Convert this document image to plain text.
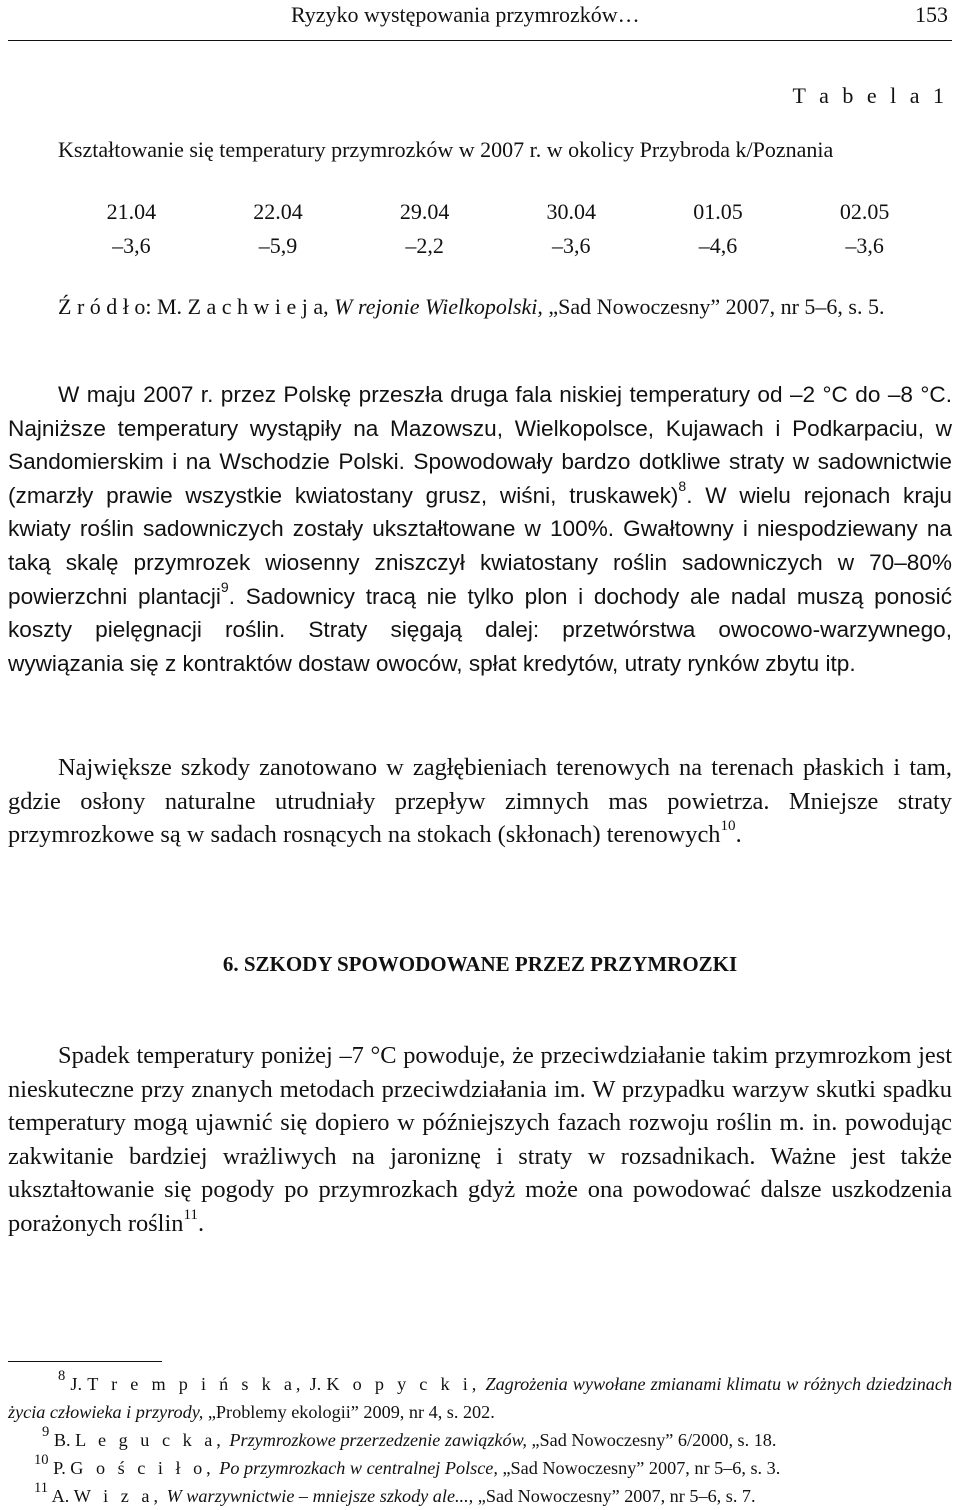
Ryzyko występowania przymrozków…	153
T a b e l a 1
Kształtowanie się temperatury przymrozków w 2007 r. w okolicy Przybroda k/Poznania
21.04	22.04	29.04	30.04	01.05	02.05
–3,6	–5,9	–2,2	–3,6	–4,6	–3,6
Ź r ó d ł o: M. Z a c h w i e j a, W rejonie Wielkopolski, „Sad Nowoczesny” 2007, nr 5–6, s. 5.

W maju 2007 r. przez Polskę przeszła druga fala niskiej temperatury od –2 °C do –8 °C. Najniższe temperatury wystąpiły na Mazowszu, Wielkopolsce, Kujawach i Podkarpaciu, w Sandomierskim i na Wschodzie Polski. Spowodowały bardzo dotkliwe straty w sadownictwie (zmarzły prawie wszystkie kwiatostany grusz, wiśni, truskawek)$^8$. W wielu rejonach kraju kwiaty roślin sadowniczych zostały ukształtowane w 100%. Gwałtowny i niespodziewany na taką skalę przymrozek wiosenny zniszczył kwiatostany roślin sadowniczych w 70–80% powierzchni plantacji$^9$. Sadownicy tracą nie tylko plon i dochody ale nadal muszą ponosić koszty pielęgnacji roślin. Straty sięgają dalej: przetwórstwa owocowo-warzywnego, wywiązania się z kontraktów dostaw owoców, spłat kredytów, utraty rynków zbytu itp.

Największe szkody zanotowano w zagłębieniach terenowych na terenach płaskich i tam, gdzie osłony naturalne utrudniały przepływ zimnych mas powietrza. Mniejsze straty przymrozkowe są w sadach rosnących na stokach (skłonach) terenowych$^{10}$.

6. SZKODY SPOWODOWANE PRZEZ PRZYMROZKI

Spadek temperatury poniżej –7 °C powoduje, że przeciwdziałanie takim przymrozkom jest nieskuteczne przy znanych metodach przeciwdziałania im. W przypadku warzyw skutki spadku temperatury mogą ujawnić się dopiero w późniejszych fazach rozwoju roślin m. in. powodując zakwitanie bardziej wrażliwych na jaroniznę i straty w rozsadnikach. Ważne jest także ukształtowanie się pogody po przymrozkach gdyż może ona powodować dalsze uszkodzenia porażonych roślin$^{11}$.

$^8$ J. T r e m p i ń s k a, J. K o p y c k i, Zagrożenia wywołane zmianami klimatu w różnych dziedzinach życia człowieka i przyrody, „Problemy ekologii” 2009, nr 4, s. 202.

$^9$ B. L e g u c k a, Przymrozkowe przerzedzenie zawiązków, „Sad Nowoczesny” 6/2000, s. 18.

$^{10}$ P. G o ś c i ł o, Po przymrozkach w centralnej Polsce, „Sad Nowoczesny” 2007, nr 5–6, s. 3.

$^{11}$ A. W i z a, W warzywnictwie – mniejsze szkody ale..., „Sad Nowoczesny” 2007, nr 5–6, s. 7.
